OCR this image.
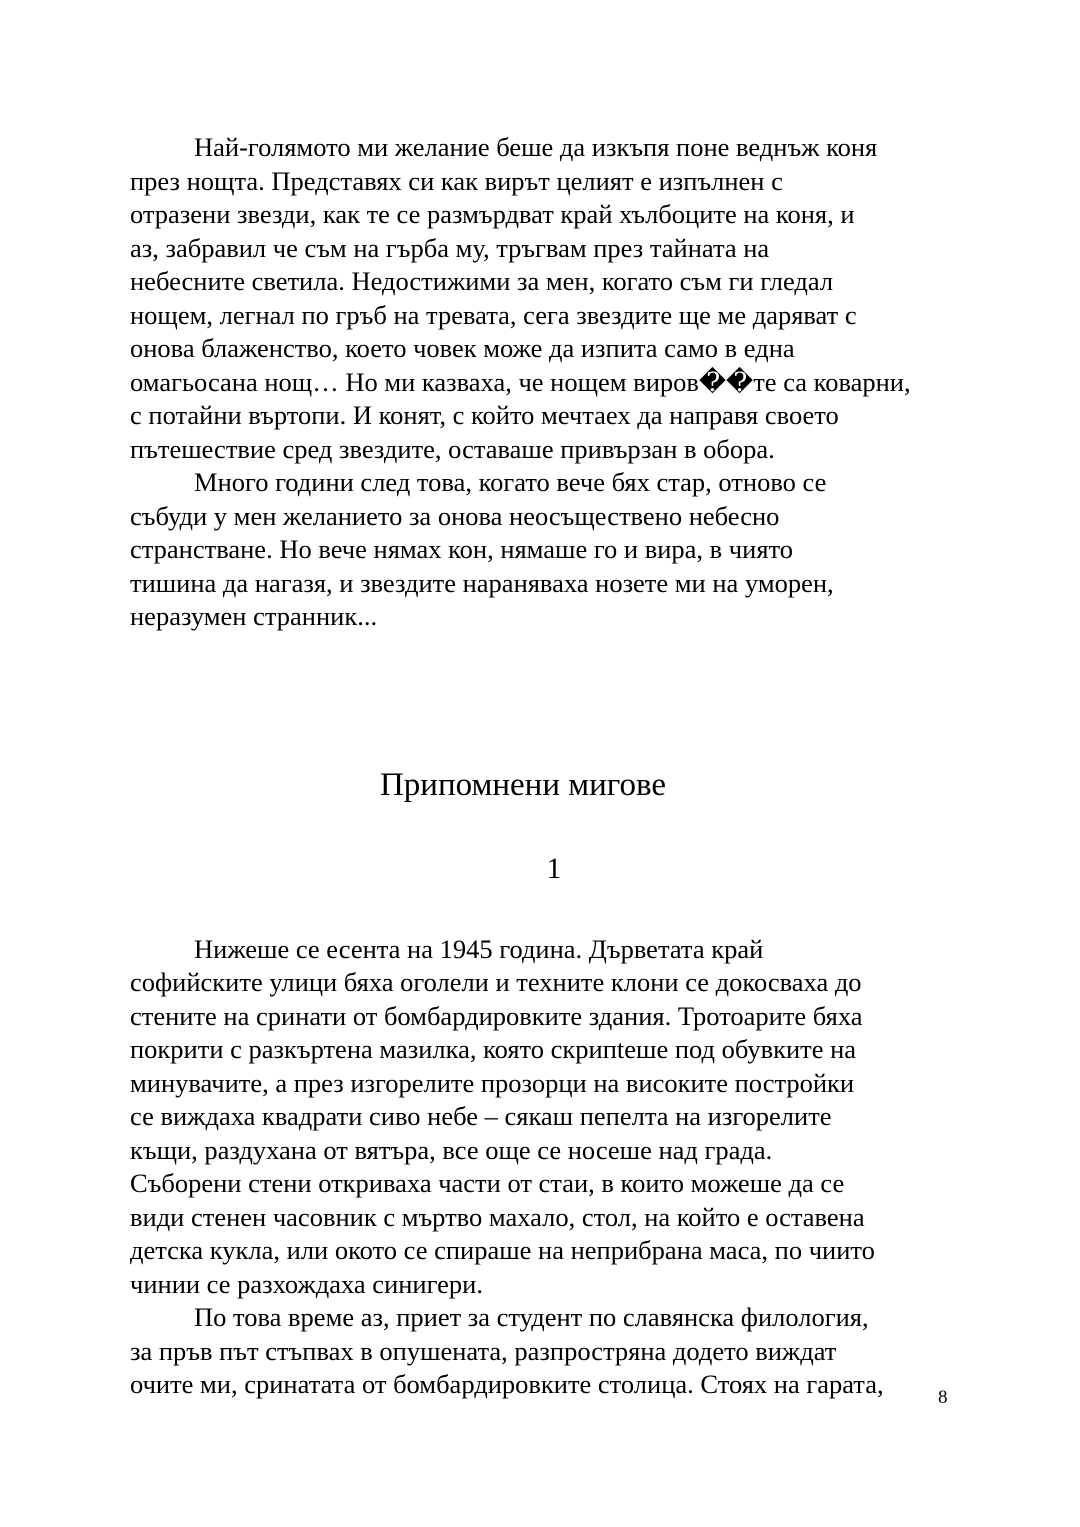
Най-голямото ми желание беше да изкъпя поне веднъж коня
през нощта. Представях си как вирът целият е изпълнен с
отразени звезди, как те се размърдват край хълбоците на коня, и
аз, забравил че съм на гърба му, тръгвам през тайната на
небесните светила. Недостижими за мен, когато съм ги гледал
нощем, легнал по гръб на тревата, сега звездите ще ме даряват с
онова блаженство, което човек може да изпита само в една
омагьосана нощ… Но ми казваха, че нощем виров��те са коварни,
с потайни въртопи. И конят, с който мечтаех да направя своето
пътешествие сред звездите, оставаше привързан в обора.
Много години след това, когато вече бях стар, отново се
събуди у мен желанието за онова неосъществено небесно
странстване. Но вече нямах кон, нямаше го и вира, в чиято
тишина да нагазя, и звездите нараняваха нозете ми на уморен,
неразумен странник...
Припомнени мигове
1
Нижеше се есента на 1945 година. Дърветата край
софийските улици бяха оголели и техните клони се докосваха до
стените на сринати от бомбардировките здания. Тротоарите бяха
покрити с разкъртена мазилка, която скрипteше под обувките на
минувачите, а през изгорелите прозорци на високите постройки
се виждаха квадрати сиво небе – сякаш пепелта на изгорелите
къщи, раздухана от вятъра, все още се носеше над града.
Съборени стени откриваха части от стаи, в които можеше да се
види стенен часовник с мъртво махало, стол, на който е оставена
детска кукла, или окото се спираше на неприбрана маса, по чиито
чинии се разхождаха синигери.
По това време аз, приет за студент по славянска филология,
за пръв път стъпвах в опушената, разпростряна додето виждат
очите ми, сринатата от бомбардировките столица. Стоях на гарата,	8
